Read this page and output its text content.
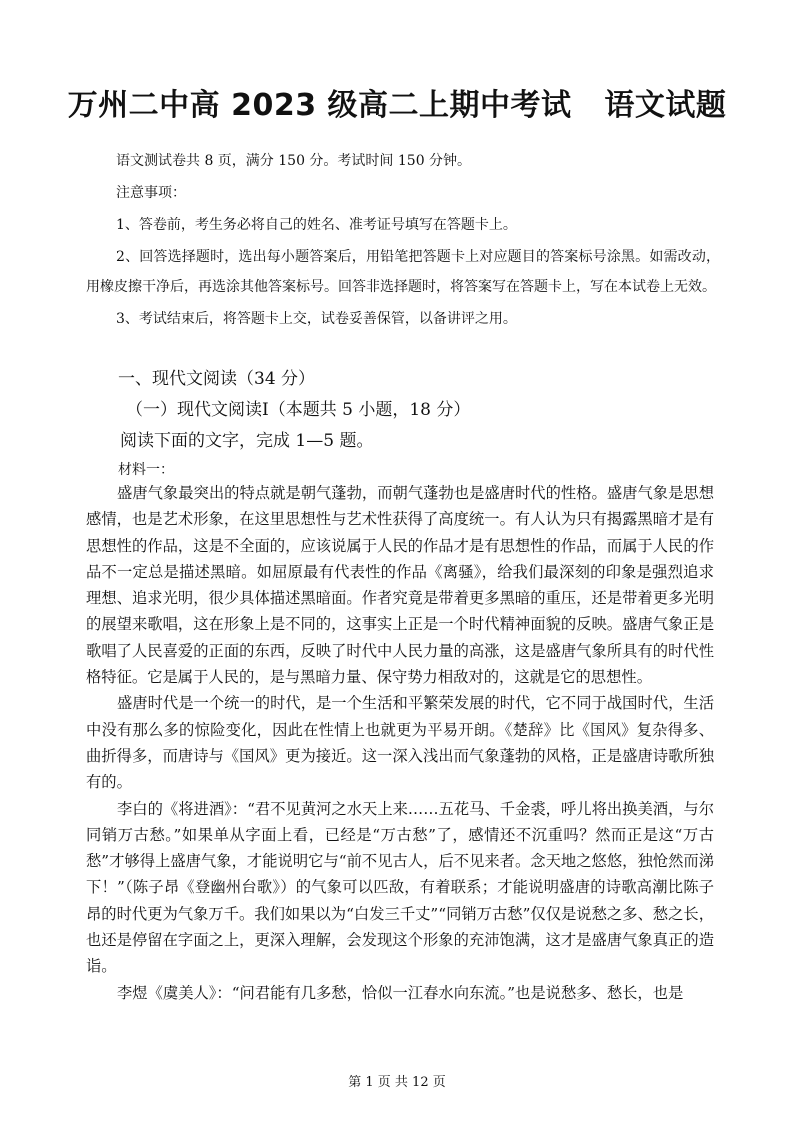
万州二中高 2023 级高二上期中考试   语文试题

语文测试卷共 8 页，满分 150 分。考试时间 150 分钟。

注意事项：

1、答卷前，考生务必将自己的姓名、准考证号填写在答题卡上。

2、回答选择题时，选出每小题答案后，用铅笔把答题卡上对应题目的答案标号涂黑。如需改动，用橡皮擦干净后，再选涂其他答案标号。回答非选择题时，将答案写在答题卡上，写在本试卷上无效。

3、考试结束后，将答题卡上交，试卷妥善保管，以备讲评之用。

一、现代文阅读（34 分）
（一）现代文阅读Ⅰ（本题共 5 小题，18 分）
阅读下面的文字，完成 1—5 题。
材料一：

盛唐气象最突出的特点就是朝气蓬勃，而朝气蓬勃也是盛唐时代的性格。盛唐气象是思想感情，也是艺术形象，在这里思想性与艺术性获得了高度统一。有人认为只有揭露黑暗才是有思想性的作品，这是不全面的，应该说属于人民的作品才是有思想性的作品，而属于人民的作品不一定总是描述黑暗。如屈原最有代表性的作品《离骚》，给我们最深刻的印象是强烈追求理想、追求光明，很少具体描述黑暗面。作者究竟是带着更多黑暗的重压，还是带着更多光明的展望来歌唱，这在形象上是不同的，这事实上正是一个时代精神面貌的反映。盛唐气象正是歌唱了人民喜爱的正面的东西，反映了时代中人民力量的高涨，这是盛唐气象所具有的时代性格特征。它是属于人民的，是与黑暗力量、保守势力相敌对的，这就是它的思想性。

盛唐时代是一个统一的时代，是一个生活和平繁荣发展的时代，它不同于战国时代，生活中没有那么多的惊险变化，因此在性情上也就更为平易开朗。《楚辞》比《国风》复杂得多、曲折得多，而唐诗与《国风》更为接近。这一深入浅出而气象蓬勃的风格，正是盛唐诗歌所独有的。

李白的《将进酒》：“君不见黄河之水天上来……五花马、千金裘，呼儿将出换美酒，与尔同销万古愁。”如果单从字面上看，已经是“万古愁”了，感情还不沉重吗？然而正是这“万古愁”才够得上盛唐气象，才能说明它与“前不见古人，后不见来者。念天地之悠悠，独怆然而涕下！”（陈子昂《登幽州台歌》）的气象可以匹敌，有着联系；才能说明盛唐的诗歌高潮比陈子昂的时代更为气象万千。我们如果以为“白发三千丈”“同销万古愁”仅仅是说愁之多、愁之长，也还是停留在字面之上，更深入理解，会发现这个形象的充沛饱满，这才是盛唐气象真正的造诣。

李煜《虞美人》：“问君能有几多愁，恰似一江春水向东流。”也是说愁多、愁长，也是

第 1 页 共 12 页
